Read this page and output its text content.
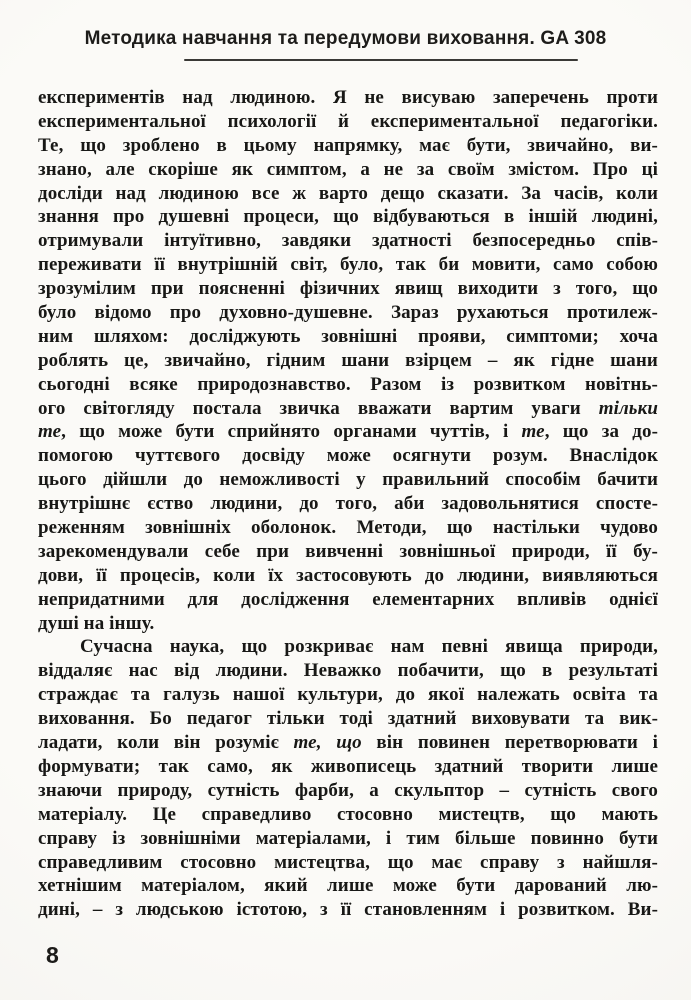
Методика навчання та передумови виховання. GA 308
експериментів над людиною. Я не висуваю заперечень проти
експериментальної психології й експериментальної педагогіки.
Те, що зроблено в цьому напрямку, має бути, звичайно, ви-
знано, але скоріше як симптом, а не за своїм змістом. Про ці
досліди над людиною все ж варто дещо сказати. За часів, коли
знання про душевні процеси, що відбуваються в іншій людині,
отримували інтуїтивно, завдяки здатності безпосередньо спів-
переживати її внутрішній світ, було, так би мовити, само собою
зрозумілим при поясненні фізичних явищ виходити з того, що
було відомо про духовно-душевне. Зараз рухаються протилеж-
ним шляхом: досліджують зовнішні прояви, симптоми; хоча
роблять це, звичайно, гідним шани взірцем – як гідне шани
сьогодні всяке природознавство. Разом із розвитком новітнь-
ого світогляду постала звичка вважати вартим уваги тільки
те, що може бути сприйнято органами чуттів, і те, що за до-
помогою чуттєвого досвіду може осягнути розум. Внаслідок
цього дійшли до неможливості у правильний способім бачити
внутрішнє єство людини, до того, аби задовольнятися спосте-
реженням зовнішніх оболонок. Методи, що настільки чудово
зарекомендували себе при вивченні зовнішньої природи, її бу-
дови, її процесів, коли їх застосовують до людини, виявляються
непридатними для дослідження елементарних впливів однієї
душі на іншу.
Сучасна наука, що розкриває нам певні явища природи,
віддаляє нас від людини. Неважко побачити, що в результаті
страждає та галузь нашої культури, до якої належать освіта та
виховання. Бо педагог тільки тоді здатний виховувати та вик-
ладати, коли він розуміє те, що він повинен перетворювати і
формувати; так само, як живописець здатний творити лише
знаючи природу, сутність фарби, а скульптор – сутність свого
матеріалу. Це справедливо стосовно мистецтв, що мають
справу із зовнішніми матеріалами, і тим більше повинно бути
справедливим стосовно мистецтва, що має справу з найшля-
хетнішим матеріалом, який лише може бути дарований лю-
дині, – з людською істотою, з її становленням і розвитком. Ви-
8
